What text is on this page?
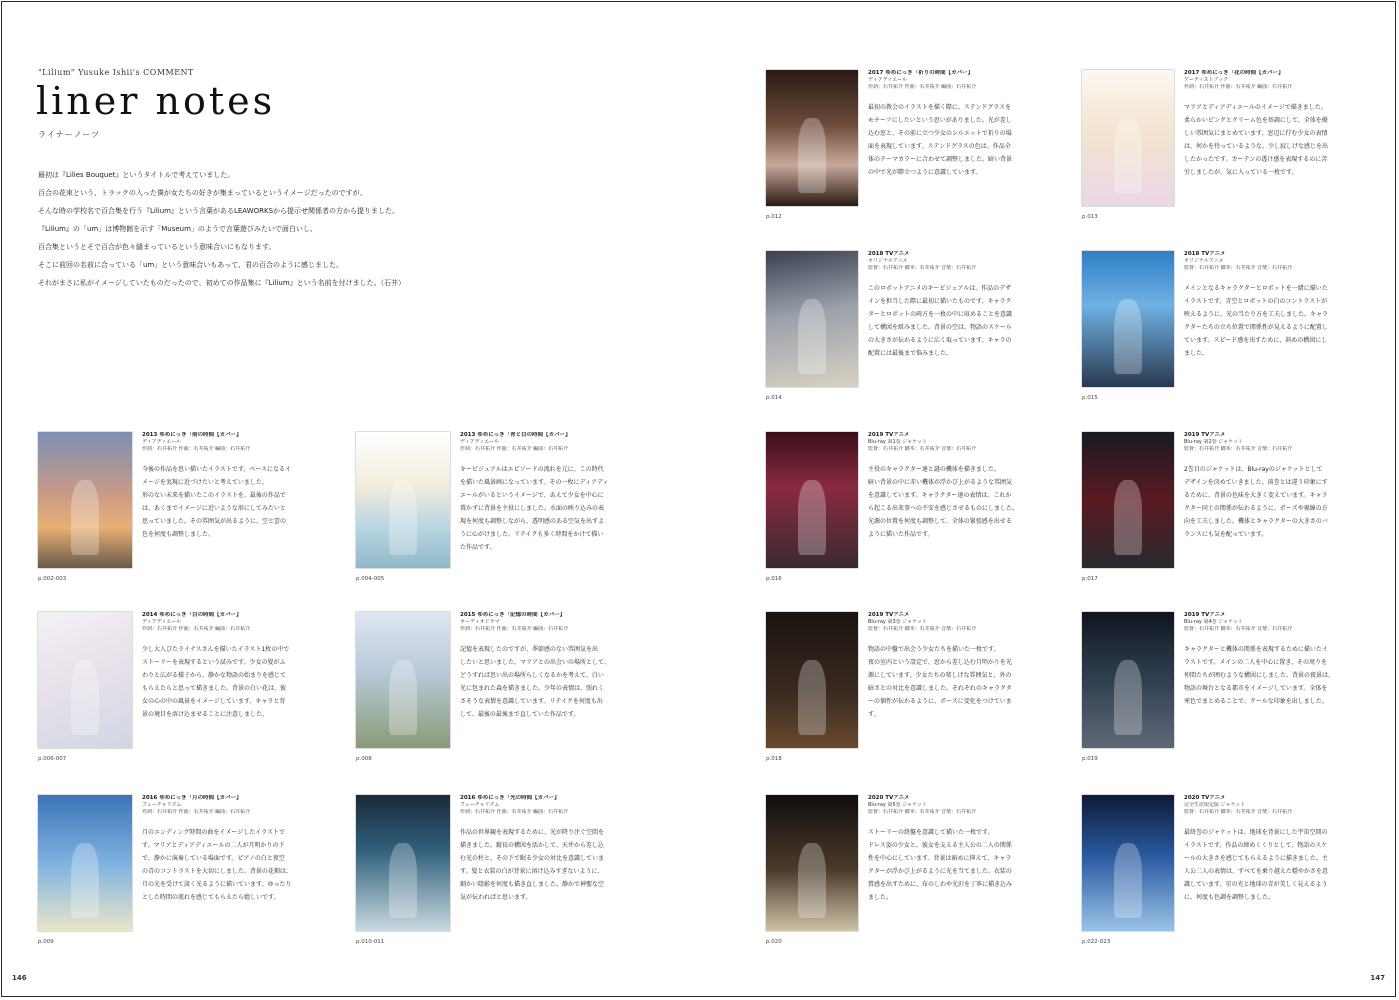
"Lilium" Yusuke Ishii's COMMENT
liner notes
ライナーノーツ

最初は『Lilies Bouquet』というタイトルで考えていました。

百合の花束という、トラックの入った僕が女たちの好きが集まっているというイメージだったのですが、

そんな時の学校名で百合集を行う『Lilium』という言葉があるLEAWORKSから提示せ関係者の方から提りました。

『Lilium』の「um」は博物館を示す「Museum」のようで言葉遊びみたいで面白いし、

百合集というとそで百合が色々縫まっているという意味合いにもなります。

そこに前回の名前に合っている「um」という意味合いもあって、君の百合のように感じました。

それがまさに私がイメージしていたものだったので、初めての作品集に『Lilium』という名前を付けました。（石井）

p.002-003
2013 ゆめにっき「雨の時間【カバー】
ディアディエール
作詞：石井祐介 作曲：石井祐介 編曲：石井祐介
今後の作品を思い描いたイラストです。ベースになるイ
メージを実現に近づけたいと考えていました。
形のない未来を描いたこのイラストを、最後の作品で
は、あくまでイメージに近いような形にしてみたいと
思っていました。その雰囲気が出るように、空と雲の
色を何度も調整しました。
p.004-005
2013 ゆめにっき「青と白の時間【カバー】
ディアディエール
作詞：石井祐介 作曲：石井祐介 編曲：石井祐介
キービジュアルはエピソードの流れを元に、この時代
を描いた風景画になっています。その一枚にディアディ
エールがいるというイメージで、あえて少女を中心に
置かずに背景を主役にしました。水面の映り込みの表
現を何度も調整しながら、透明感のある空気を出すよ
うに心がけました。リテイクも多く時間をかけて描い
た作品です。
p.006-007
2014 ゆめにっき「白の時間【カバー】
ディアディエール
作詞：石井祐介 作曲：石井祐介 編曲：石井祐介
少し大人びたライナスさんを描いたイラスト1枚の中で
ストーリーを表現するという試みです。少女の髪がふ
わりと広がる様子から、静かな物語の始まりを感じて
もらえたらと思って描きました。背景の白い花は、彼
女の心の中の風景をイメージしています。キャラと背
景の境目を溶け込ませることに注意しました。
p.008
2015 ゆめにっき「記憶の時間【カバー】
オーディオドラマ
作詞：石井祐介 作曲：石井祐介 編曲：石井祐介
記憶を表現したのですが、季節感のない雰囲気を出
したいと思いました。マリアとの出会いの場所として、
どうすれば思い出の場所らしくなるかを考えて、白い
光に包まれた森を描きました。少年の表情は、照れく
さそうな表情を意識しています。リテイクを何度も出
して、最後の最後まで直していた作品です。
p.009
2016 ゆめにっき「月の時間【カバー】
フューチャリズム
作詞：石井祐介 作曲：石井祐介 編曲：石井祐介
月のエンディング時間の曲をイメージしたイラストで
す。マリアとディアディエールの二人が月明かりの下
で、静かに演奏している場面です。ピアノの白と夜空
の青のコントラストを大切にしました。背景の花畑は、
月の光を受けて淡く光るように描いています。ゆったり
とした時間の流れを感じてもらえたら嬉しいです。
p.010-011
2016 ゆめにっき「光の時間【カバー】
フューチャリズム
作詞：石井祐介 作曲：石井祐介 編曲：石井祐介
作品の世界観を表現するために、光が降り注ぐ空間を
描きました。縦長の構図を活かして、天井から差し込
む光の柱と、その下で眠る少女の対比を意識していま
す。髪と衣装の白が背景に溶け込みすぎないように、
細かい陰影を何度も描き直しました。静かで神聖な空
気が伝わればと思います。
p.012
2017 ゆめにっき「祈りの時間【カバー】
ディアディエール
作詞：石井祐介 作曲：石井祐介 編曲：石井祐介
最初の教会のイラストを描く際に、ステンドグラスを
モチーフにしたいという思いがありました。光が差し
込む窓と、その前に立つ少女のシルエットで祈りの場
面を表現しています。ステンドグラスの色は、作品全
体のテーマカラーに合わせて調整しました。暗い背景
の中で光が際立つように意識しています。
p.013
2017 ゆめにっき「花の時間【カバー】
アーティストブック
作詞：石井祐介 作曲：石井祐介 編曲：石井祐介
マリアとディアディエールのイメージで描きました。
柔らかいピンクとクリーム色を基調にして、全体を優
しい雰囲気にまとめています。窓辺に佇む少女の表情
は、何かを待っているような、少し寂しげな感じを出
したかったです。カーテンの透け感を表現するのに苦
労しましたが、気に入っている一枚です。
p.014
2018 TVアニメ
オリジナルアニメ
監督：石井祐介 脚本：石井祐介 音楽：石井祐介
このロボットアニメのキービジュアルは、作品のデザ
インを担当した際に最初に描いたものです。キャラク
ターとロボットの両方を一枚の中に収めることを意識
して構図を組みました。背景の空は、物語のスケール
の大きさが伝わるように広く取っています。キャラの
配置には最後まで悩みました。
p.015
2018 TVアニメ
オリジナルアニメ
監督：石井祐介 脚本：石井祐介 音楽：石井祐介
メインとなるキャラクターとロボットを一緒に描いた
イラストです。青空とロボットの白のコントラストが
映えるように、光の当たり方を工夫しました。キャラ
クターたちの立ち位置で関係性が見えるように配置し
ています。スピード感を出すために、斜めの構図にし
ました。
p.016
2019 TVアニメ
Blu-ray 第1巻 ジャケット
監督：石井祐介 脚本：石井祐介 音楽：石井祐介
主役のキャラクター達と謎の機体を描きました。
暗い背景の中に赤い機体が浮かび上がるような雰囲気
を意識しています。キャラクター達の表情は、これか
ら起こる出来事への不安を感じさせるものにしました。
光源の位置を何度も調整して、全体の緊張感を出せる
ように描いた作品です。
p.017
2019 TVアニメ
Blu-ray 第2巻 ジャケット
監督：石井祐介 脚本：石井祐介 音楽：石井祐介
2巻目のジャケットは、Blu-rayのジャケットとして
デザインを決めていきました。前巻とは違う印象にす
るために、背景の色味を大きく変えています。キャラ
クター同士の関係が伝わるように、ポーズや視線の方
向を工夫しました。機体とキャラクターの大きさのバ
ランスにも気を配っています。
p.018
2019 TVアニメ
Blu-ray 第3巻 ジャケット
監督：石井祐介 脚本：石井祐介 音楽：石井祐介
物語の中盤で出会う少女たちを描いた一枚です。
夜の室内という設定で、窓から差し込む月明かりを光
源にしています。少女たちの楽しげな雰囲気と、外の
暗さとの対比を意識しました。それぞれのキャラクタ
ーの個性が伝わるように、ポーズに変化をつけていま
す。
p.019
2019 TVアニメ
Blu-ray 第4巻 ジャケット
監督：石井祐介 脚本：石井祐介 音楽：石井祐介
キャラクターと機体の関係を表現するために描いたイ
ラストです。メインの二人を中心に置き、その周りを
仲間たちが囲むような構図にしました。背景の夜景は、
物語の舞台となる都市をイメージしています。全体を
寒色でまとめることで、クールな印象を出しました。
p.020
2020 TVアニメ
Blu-ray 第5巻 ジャケット
監督：石井祐介 脚本：石井祐介 音楽：石井祐介
ストーリーの終盤を意識して描いた一枚です。
ドレス姿の少女と、彼女を支える主人公の二人の関係
性を中心にしています。背景は暗めに抑えて、キャラ
クターが浮かび上がるように光を当てました。衣装の
質感を出すために、布のしわや光沢を丁寧に描き込み
ました。
p.022-023
2020 TVアニメ
完全生産限定版 ジャケット
監督：石井祐介 脚本：石井祐介 音楽：石井祐介
最終巻のジャケットは、地球を背景にした宇宙空間の
イラストです。作品の締めくくりとして、物語のスケ
ールの大きさを感じてもらえるように描きました。主
人公二人の表情は、すべてを乗り越えた穏やかさを意
識しています。星の光と地球の青が美しく見えるよう
に、何度も色調を調整しました。
146	147
